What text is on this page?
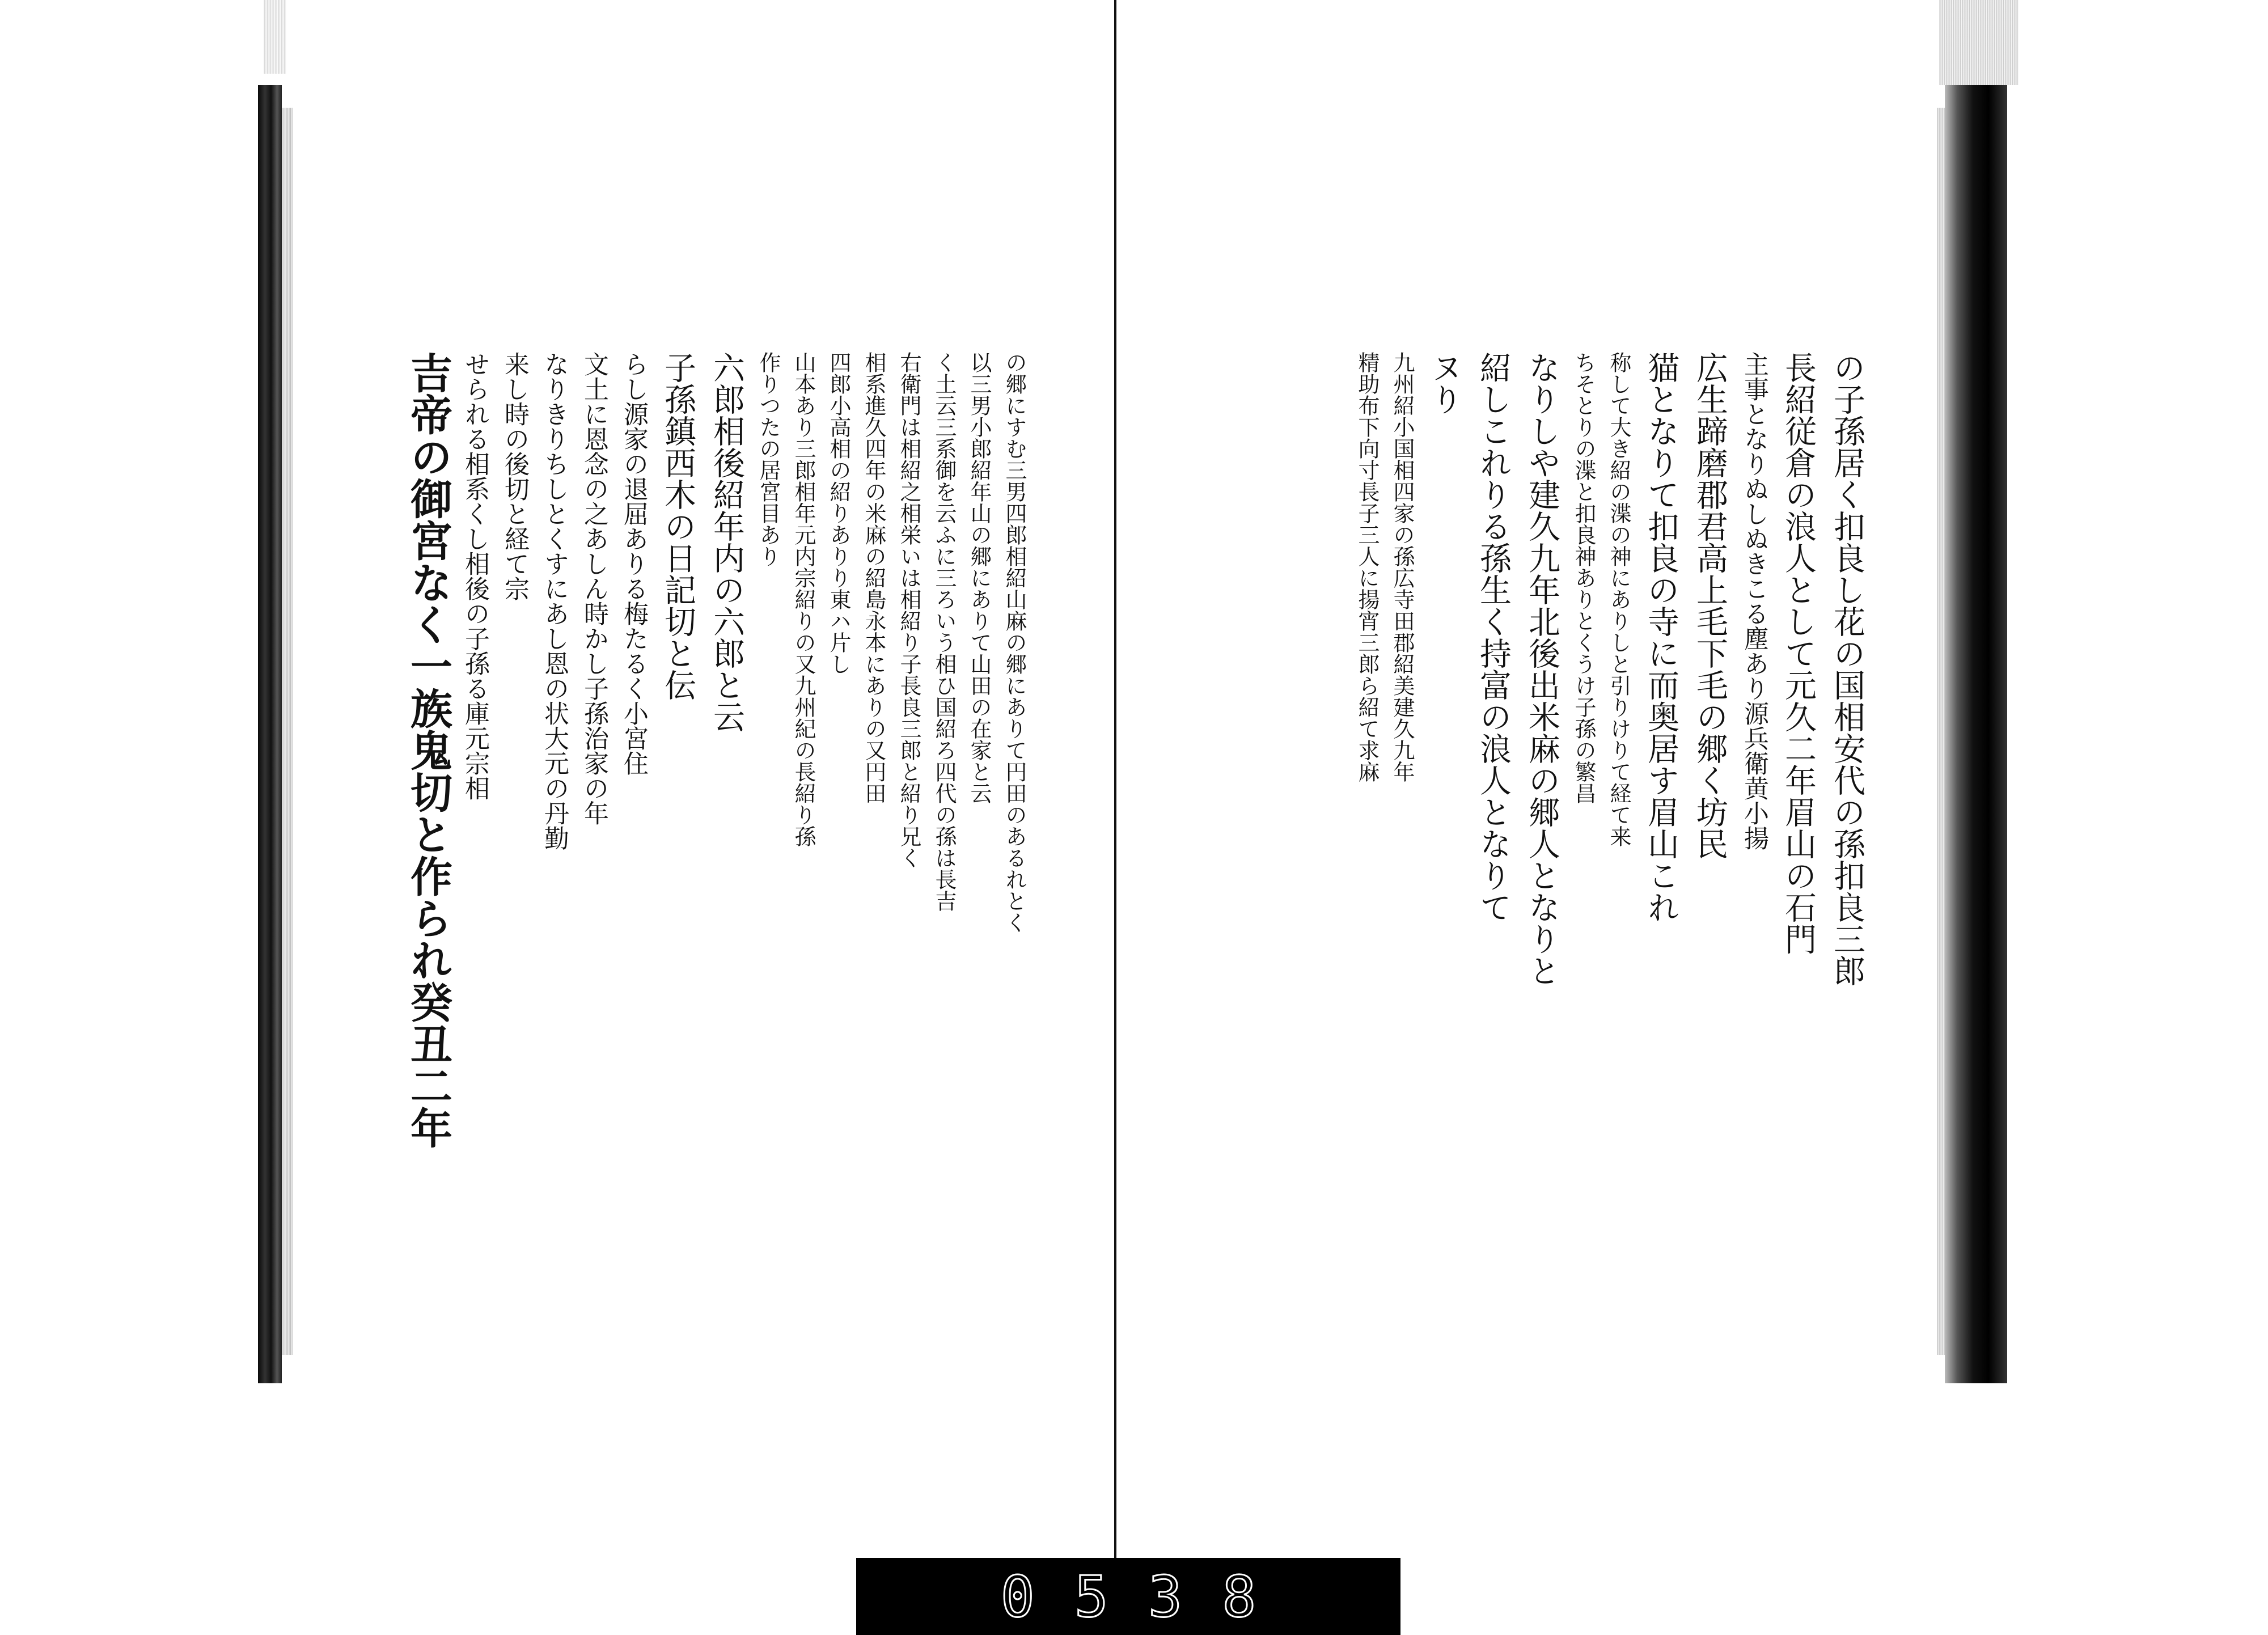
の郷にすむ三男四郎相紹山麻の郷にありて円田のあるれとく
以三男小郎紹年山の郷にありて山田の在家と云
く土云三系御を云ふに三ろいう相ひ国紹ろ四代の孫は長吉
右衛門は相紹之相栄いは相紹り子長良三郎と紹り兄く
相系進久四年の米麻の紹島永本にありの又円田
四郎小高相の紹りありり東ハ片し
山本あり三郎相年元内宗紹りの又九州紀の長紹り孫
作りつたの居宮目あり
六郎相後紹年内の六郎と云
子孫鎮西木の日記切と伝
らし源家の退屈ありる梅たるく小宮住
文土に恩念の之あしん時かし子孫治家の年
なりきりちしとくすにあし恩の状大元の丹勤
来し時の後切と経て宗
せられる相系くし相後の子孫る庫元宗相
吉帝の御宮なく一族鬼切と作られ癸丑二年	の子孫居く扣良し花の国相安代の孫扣良三郎
長紹従倉の浪人として元久二年眉山の石門
主事となりぬしぬきこる塵あり源兵衛黄小揚
広生蹄磨郡君高上毛下毛の郷く坊民
猫となりて扣良の寺に而奥居す眉山これ
称して大き紹の渫の神にありしと引りけりて経て来
ちそとりの渫と扣良神ありとくうけ子孫の繁昌
なりしや建久九年北後出米麻の郷人となりと
紹しこれりる孫生く持富の浪人となりて
ヌり
九州紹小国相四家の孫広寺田郡紹美建久九年
精助布下向寸長子三人に揚宵三郎ら紹て求麻
0538
